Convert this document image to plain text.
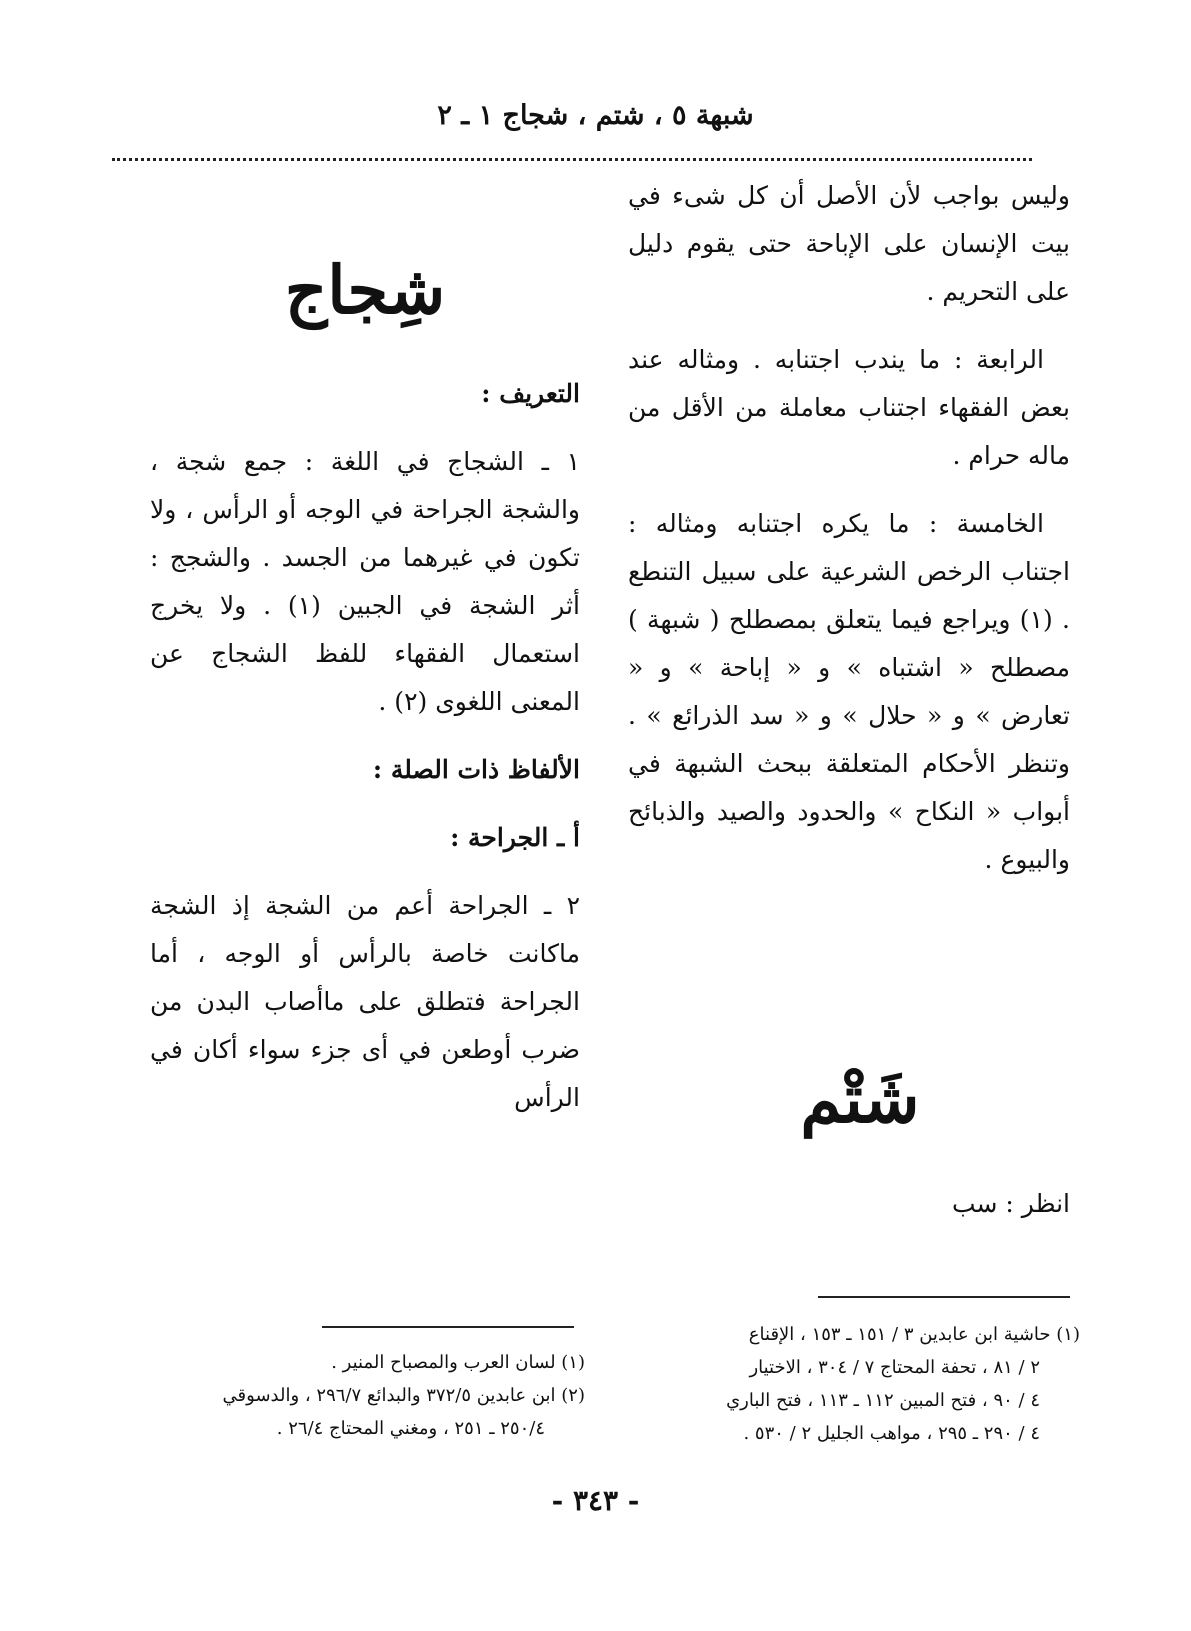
شبهة ٥ ، شتم ، شجاج ١ ـ ٢

وليس بواجب لأن الأصل أن كل شىء في بيت الإنسان على الإباحة حتى يقوم دليل على التحريم .

الرابعة : ما يندب اجتنابه . ومثاله عند بعض الفقهاء اجتناب معاملة من الأقل من ماله حرام .

الخامسة : ما يكره اجتنابه ومثاله : اجتناب الرخص الشرعية على سبيل التنطع . (١) ويراجع فيما يتعلق بمصطلح ( شبهة ) مصطلح « اشتباه » و « إباحة » و « تعارض » و « حلال » و « سد الذرائع » . وتنظر الأحكام المتعلقة ببحث الشبهة في أبواب « النكاح » والحدود والصيد والذبائح والبيوع .

شَتْم
انظر : سب
شِجاج
التعريف :

١ ـ الشجاج في اللغة : جمع شجة ، والشجة الجراحة في الوجه أو الرأس ، ولا تكون في غيرهما من الجسد . والشجج : أثر الشجة في الجبين (١) . ولا يخرج استعمال الفقهاء للفظ الشجاج عن المعنى اللغوى (٢) .

الألفاظ ذات الصلة :
أ ـ الجراحة :

٢ ـ الجراحة أعم من الشجة إذ الشجة ماكانت خاصة بالرأس أو الوجه ، أما الجراحة فتطلق على ماأصاب البدن من ضرب أوطعن في أى جزء سواء أكان في الرأس

(١) حاشية ابن عابدين ٣ / ١٥١ ـ ١٥٣ ، الإقناع

٢ / ٨١ ، تحفة المحتاج ٧ / ٣٠٤ ، الاختيار

٤ / ٩٠ ، فتح المبين ١١٢ ـ ١١٣ ، فتح الباري

٤ / ٢٩٠ ـ ٢٩٥ ، مواهب الجليل ٢ / ٥٣٠ .

(١) لسان العرب والمصباح المنير .

(٢) ابن عابدين ٣٧٢/٥ والبدائع ٢٩٦/٧ ، والدسوقي

٢٥٠/٤ ـ ٢٥١ ، ومغني المحتاج ٢٦/٤ .

- ٣٤٣ -
